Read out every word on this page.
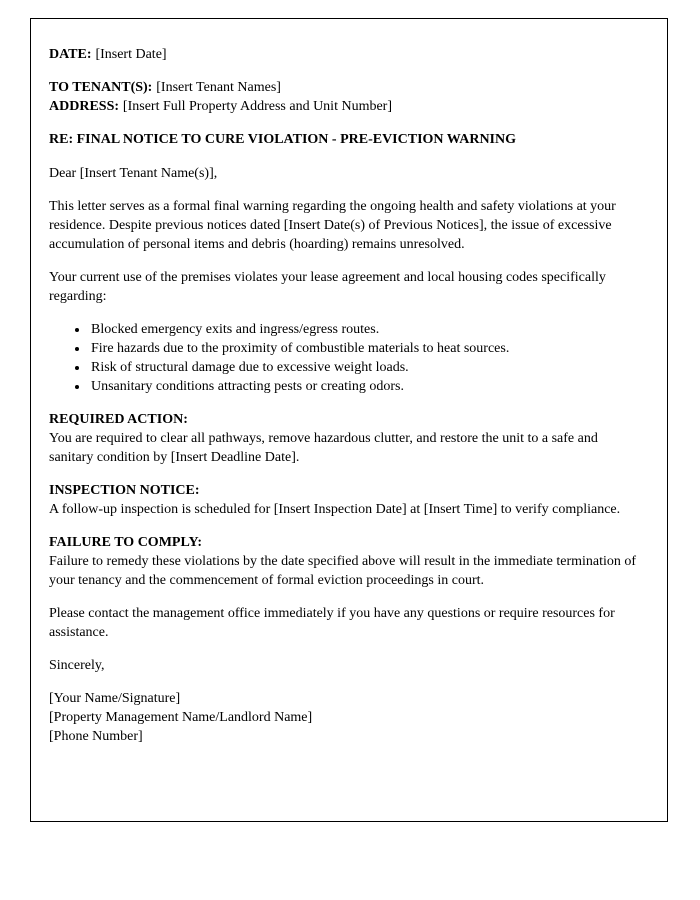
DATE: [Insert Date]
TO TENANT(S): [Insert Tenant Names]
ADDRESS: [Insert Full Property Address and Unit Number]
RE: FINAL NOTICE TO CURE VIOLATION - PRE-EVICTION WARNING
Dear [Insert Tenant Name(s)],
This letter serves as a formal final warning regarding the ongoing health and safety violations at your residence. Despite previous notices dated [Insert Date(s) of Previous Notices], the issue of excessive accumulation of personal items and debris (hoarding) remains unresolved.
Your current use of the premises violates your lease agreement and local housing codes specifically regarding:
• Blocked emergency exits and ingress/egress routes.
• Fire hazards due to the proximity of combustible materials to heat sources.
• Risk of structural damage due to excessive weight loads.
• Unsanitary conditions attracting pests or creating odors.
REQUIRED ACTION:
You are required to clear all pathways, remove hazardous clutter, and restore the unit to a safe and sanitary condition by [Insert Deadline Date].
INSPECTION NOTICE:
A follow-up inspection is scheduled for [Insert Inspection Date] at [Insert Time] to verify compliance.
FAILURE TO COMPLY:
Failure to remedy these violations by the date specified above will result in the immediate termination of your tenancy and the commencement of formal eviction proceedings in court.
Please contact the management office immediately if you have any questions or require resources for assistance.
Sincerely,
[Your Name/Signature]
[Property Management Name/Landlord Name]
[Phone Number]
